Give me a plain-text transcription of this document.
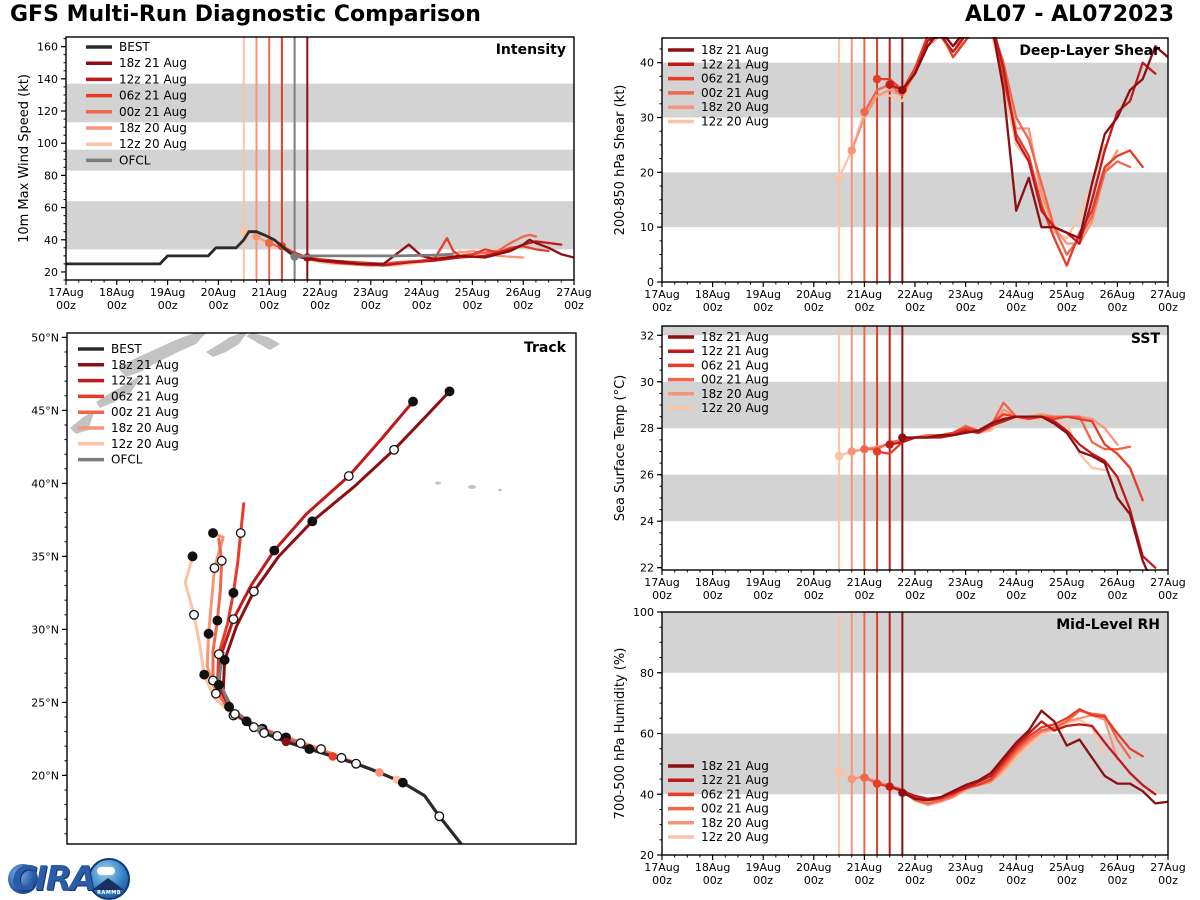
20
40
60
80
100
120
140
160
17Aug
00z
18Aug
00z
19Aug
00z
20Aug
00z
21Aug
00z
22Aug
00z
23Aug
00z
24Aug
00z
25Aug
00z
26Aug
00z
27Aug
00z
10m Max Wind Speed (kt)
Intensity
BEST
18z 21 Aug
12z 21 Aug
06z 21 Aug
00z 21 Aug
18z 20 Aug
12z 20 Aug
OFCL
0
10
20
30
40
17Aug
00z
18Aug
00z
19Aug
00z
20Aug
00z
21Aug
00z
22Aug
00z
23Aug
00z
24Aug
00z
25Aug
00z
26Aug
00z
27Aug
00z
200-850 hPa Shear (kt)
Deep-Layer Shear
18z 21 Aug
12z 21 Aug
06z 21 Aug
00z 21 Aug
18z 20 Aug
12z 20 Aug
22
24
26
28
30
32
17Aug
00z
18Aug
00z
19Aug
00z
20Aug
00z
21Aug
00z
22Aug
00z
23Aug
00z
24Aug
00z
25Aug
00z
26Aug
00z
27Aug
00z
Sea Surface Temp (°C)
SST
18z 21 Aug
12z 21 Aug
06z 21 Aug
00z 21 Aug
18z 20 Aug
12z 20 Aug
20
40
60
80
100
17Aug
00z
18Aug
00z
19Aug
00z
20Aug
00z
21Aug
00z
22Aug
00z
23Aug
00z
24Aug
00z
25Aug
00z
26Aug
00z
27Aug
00z
700-500 hPa Humidity (%)
Mid-Level RH
18z 21 Aug
12z 21 Aug
06z 21 Aug
00z 21 Aug
18z 20 Aug
12z 20 Aug
20°N
25°N
30°N
35°N
40°N
45°N
50°N
Track
BEST
18z 21 Aug
12z 21 Aug
06z 21 Aug
00z 21 Aug
18z 20 Aug
12z 20 Aug
OFCL
GFS Multi-Run Diagnostic Comparison	AL07 - AL072023
CIRA RAMMB
